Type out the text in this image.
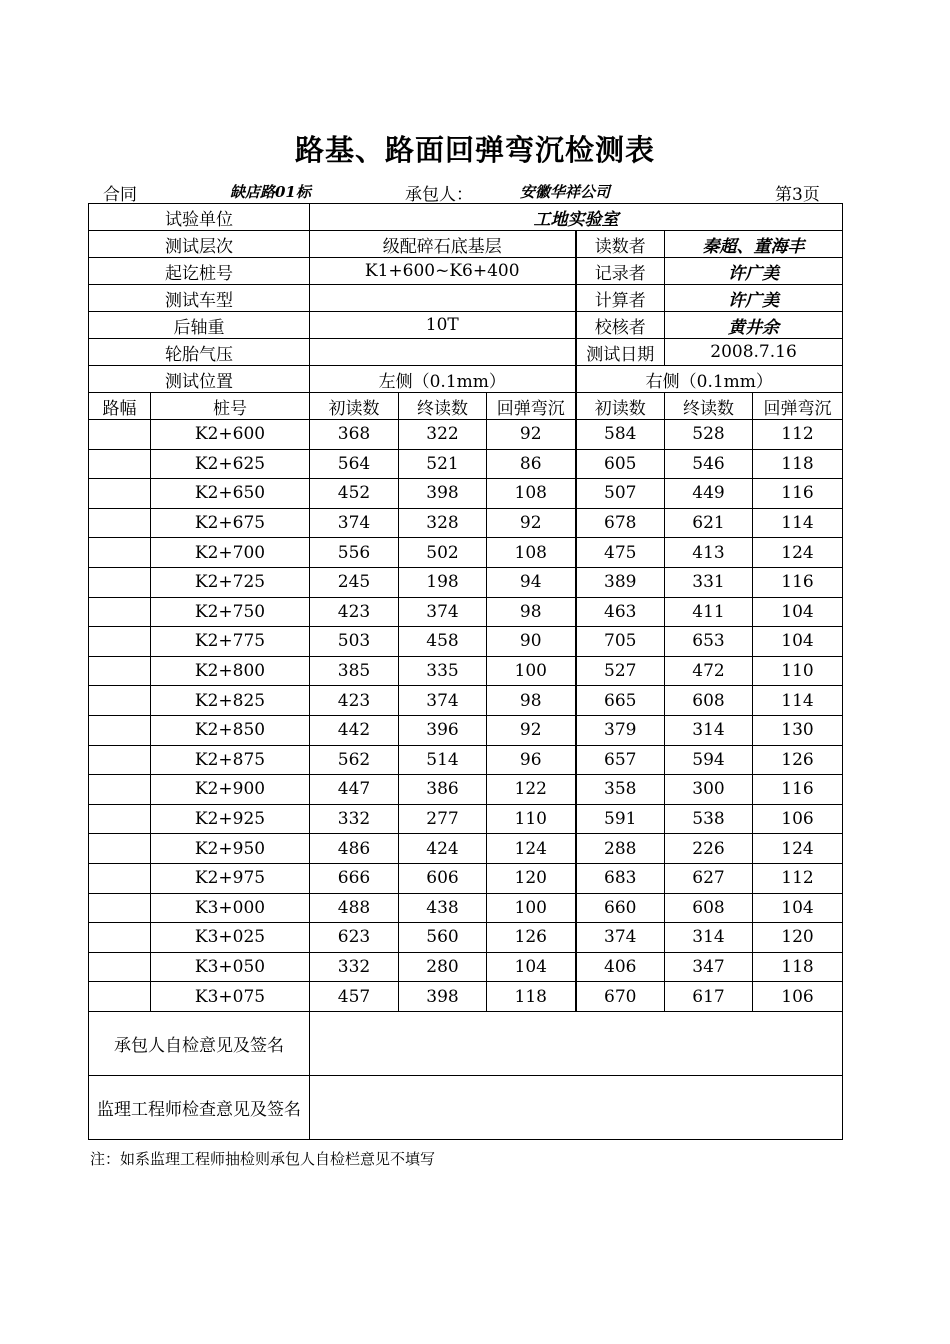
路基、路面回弹弯沉检测表
合同	缺店路01标	承包人：	安徽华祥公司	第3页
试验单位		工地实验室					
测试层次		级配碎石底基层			读数者	秦超、董海丰	
起讫桩号		K1+600~K6+400			记录者	许广美	
测试车型					计算者	许广美	
后轴重		10T			校核者	黄井余	
轮胎气压					测试日期	2008.7.16	
测试位置		左侧（0.1mm）			右侧（0.1mm）		
路幅	桩号	初读数	终读数	回弹弯沉	初读数	终读数	回弹弯沉
	K2+600	368	322	92	584	528	112
	K2+625	564	521	86	605	546	118
	K2+650	452	398	108	507	449	116
	K2+675	374	328	92	678	621	114
	K2+700	556	502	108	475	413	124
	K2+725	245	198	94	389	331	116
	K2+750	423	374	98	463	411	104
	K2+775	503	458	90	705	653	104
	K2+800	385	335	100	527	472	110
	K2+825	423	374	98	665	608	114
	K2+850	442	396	92	379	314	130
	K2+875	562	514	96	657	594	126
	K2+900	447	386	122	358	300	116
	K2+925	332	277	110	591	538	106
	K2+950	486	424	124	288	226	124
	K2+975	666	606	120	683	627	112
	K3+000	488	438	100	660	608	104
	K3+025	623	560	126	374	314	120
	K3+050	332	280	104	406	347	118
	K3+075	457	398	118	670	617	106
承包人自检意见及签名							
监理工程师检查意见及签名							
注：如系监理工程师抽检则承包人自检栏意见不填写
